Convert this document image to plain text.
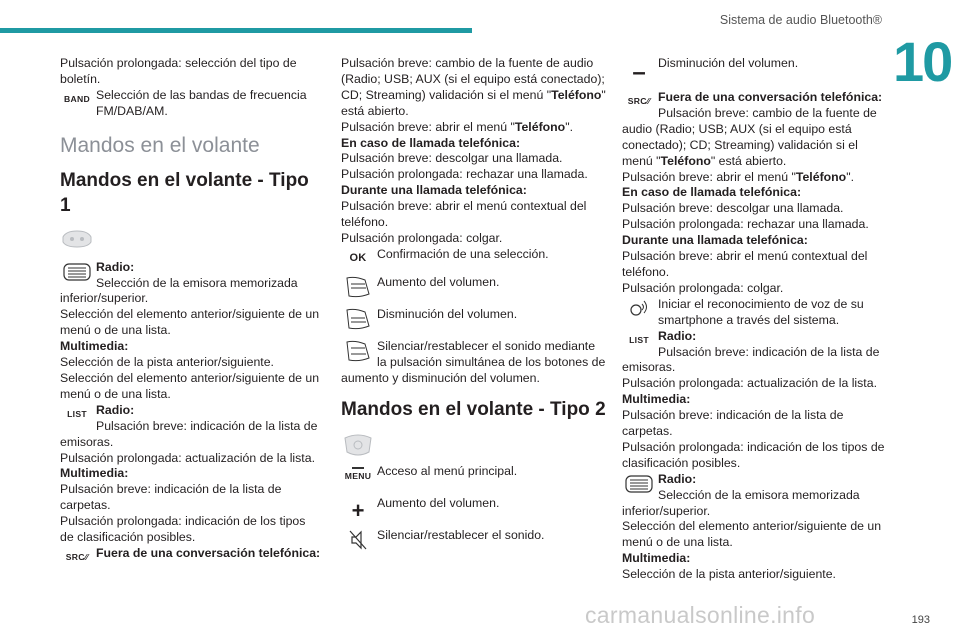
Sistema de audio Bluetooth®
10

Pulsación prolongada: selección del tipo de boletín.

BAND Selección de las bandas de frecuencia FM/DAB/AM.
Mandos en el volante
Mandos en el volante - Tipo 1
Radio:
Selección de la emisora memorizada inferior/superior.
Selección del elemento anterior/siguiente de un menú o de una lista.
Multimedia:
Selección de la pista anterior/siguiente.
Selección del elemento anterior/siguiente de un menú o de una lista.
LIST Radio:
Pulsación breve: indicación de la lista de emisoras.
Pulsación prolongada: actualización de la lista.
Multimedia:
Pulsación breve: indicación de la lista de carpetas.
Pulsación prolongada: indicación de los tipos de clasificación posibles.
SRC ⁄⁄ Fuera de una conversación telefónica:

Pulsación breve: cambio de la fuente de audio (Radio; USB; AUX (si el equipo está conectado); CD; Streaming) validación si el menú "Teléfono" está abierto.

Pulsación breve: abrir el menú "Teléfono".

En caso de llamada telefónica:
Pulsación breve: descolgar una llamada.
Pulsación prolongada: rechazar una llamada.
Durante una llamada telefónica:
Pulsación breve: abrir el menú contextual del teléfono.
Pulsación prolongada: colgar.
OK Confirmación de una selección.
Aumento del volumen.
Disminución del volumen.
Silenciar/restablecer el sonido mediante la pulsación simultánea de los botones de aumento y disminución del volumen.
Mandos en el volante - Tipo 2
MENU Acceso al menú principal.
+	Aumento del volumen.
Silenciar/restablecer el sonido.
–	Disminución del volumen.
SRC ⁄⁄ Fuera de una conversación telefónica:
Pulsación breve: cambio de la fuente de audio (Radio; USB; AUX (si el equipo está conectado); CD; Streaming) validación si el menú "Teléfono" está abierto.
Pulsación breve: abrir el menú "Teléfono".
En caso de llamada telefónica:
Pulsación breve: descolgar una llamada.
Pulsación prolongada: rechazar una llamada.
Durante una llamada telefónica:
Pulsación breve: abrir el menú contextual del teléfono.
Pulsación prolongada: colgar.
Iniciar el reconocimiento de voz de su smartphone a través del sistema.
LIST Radio:
Pulsación breve: indicación de la lista de emisoras.
Pulsación prolongada: actualización de la lista.
Multimedia:
Pulsación breve: indicación de la lista de carpetas.
Pulsación prolongada: indicación de los tipos de clasificación posibles.
Radio:
Selección de la emisora memorizada inferior/superior.
Selección del elemento anterior/siguiente de un menú o de una lista.
Multimedia:
Selección de la pista anterior/siguiente.
carmanualsonline.info	193
